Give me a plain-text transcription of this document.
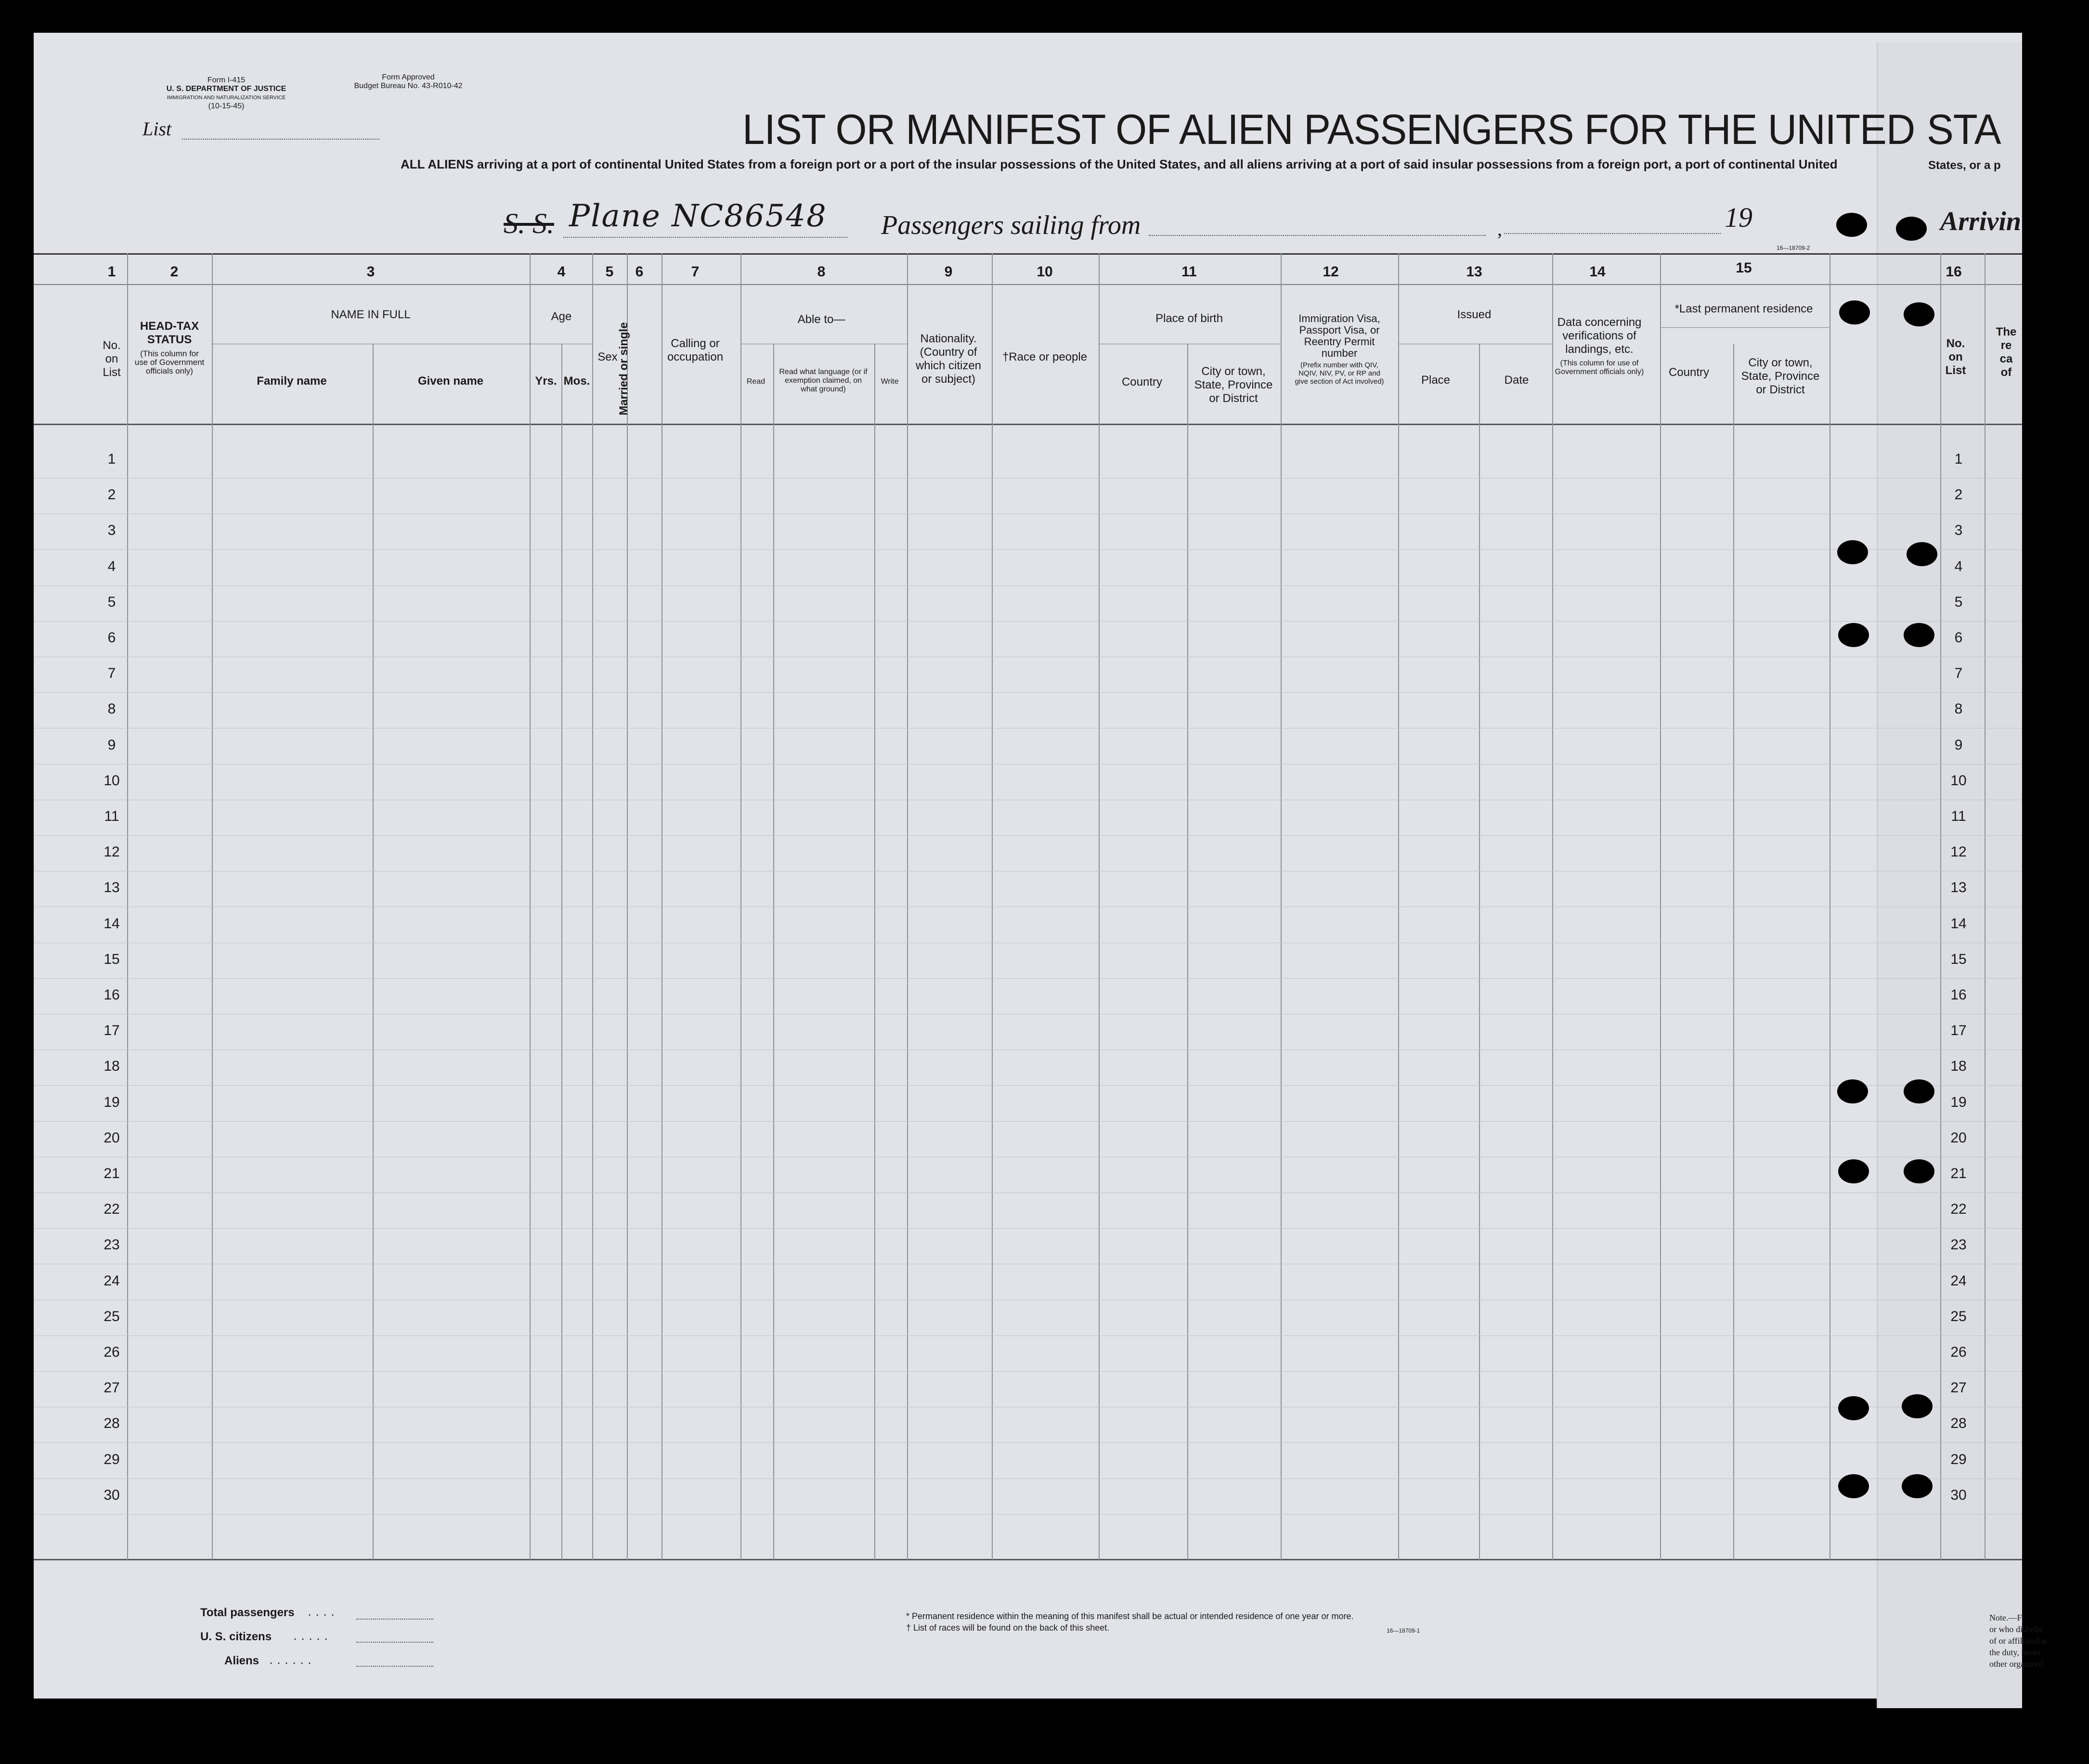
Form I-415
U. S. DEPARTMENT OF JUSTICE
IMMIGRATION AND NATURALIZATION SERVICE
(10-15-45)
Form Approved
Budget Bureau No. 43-R010-42
List	LIST OR MANIFEST OF ALIEN PASSENGERS FOR THE UNITED STA
ALL ALIENS arriving at a port of continental United States from a foreign port or a port of the insular possessions of the United States, and all aliens arriving at a port of said insular possessions from a foreign port, a port of continental United	States, or a p
S. S. Plane NC86548 Passengers sailing from	,	19
16—18709-2
Arrivin
1	2	3	4	5 6	7	8	9	10	11	12	13	14	15	16
No. on List
HEAD-TAX STATUS
(This column for use of Government officials only)
NAME IN FULL
Family name	Given name
Age
Yrs. Mos.
Sex Married or single	Calling or occupation
Able to—
Read
Read what language (or if exemption claimed, on what ground)
Write
Nationality. (Country of which citizen or subject)
†Race or people
Place of birth
Country
City or town, State, Province or District
Immigration Visa, Passport Visa, or Reentry Permit number
(Prefix number with QIV, NQIV, NIV, PV, or RP and give section of Act involved)
Issued
Place	Date
Data concerning verifications of landings, etc.
(This column for use of Government officials only)
*Last permanent residence
Country
City or town, State, Province or District
No. on List
The re ca of
1	1
2	2
3	3
4	4
5	5
6	6
7	7
8	8
9	9
10	10
11	11
12	12
13	13
14	14
15	15
16	16
17	17
18	18
19	19
20	20
21	21
22	22
23	23
24	24
25	25
26	26
27	27
28	28
29	29
30	30
Total passengers ....
U. S. citizens .....
Aliens ......
* Permanent residence within the meaning of this manifest shall be actual or intended residence of one year or more.
† List of races will be found on the back of this sheet.	16—18709-1
Note.—F
or who disbelie
of or affiliated w
the duty, neces
other organized
